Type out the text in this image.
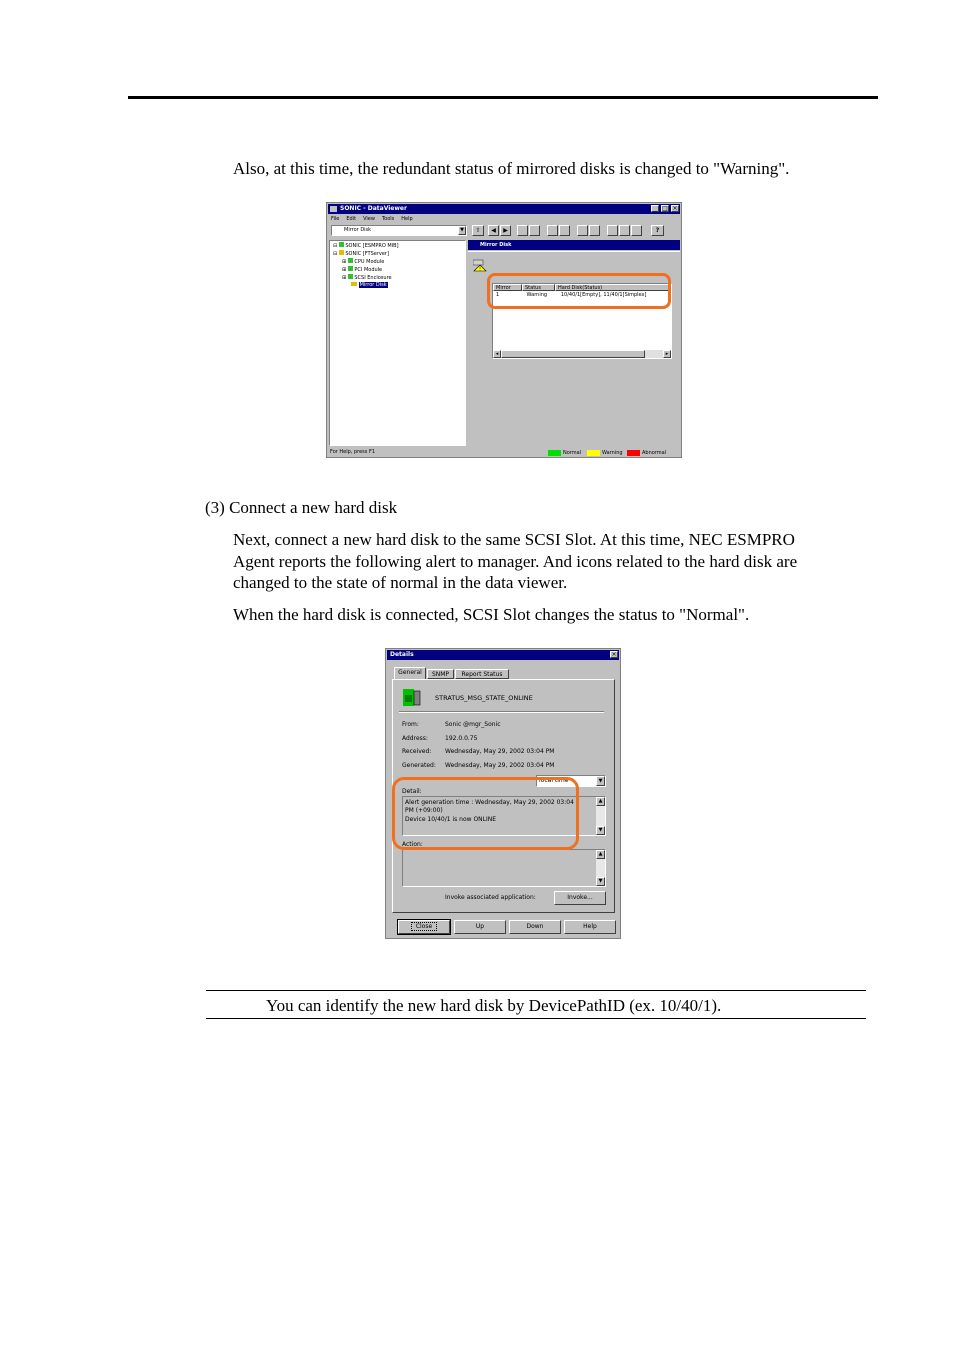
Also, at this time, the redundant status of mirrored disks is changed to "Warning".
SONIC - DataViewer	_ □ ×
File Edit View Tools Help
Mirror Disk	▼	⇧	◀	▶	?
⊟  SONIC [ESMPRO MIB]
⊟  SONIC [FTServer]
⊞  CPU Module
⊞  PCI Module
⊞  SCSI Enclosure
Mirror Disk
Mirror Disk
!
Mirror	Status	Hard Disk(Status)
1	Warning	10/40/1[Empty], 11/40/1[Simplex]
◂	▸
For Help, press F1	Normal	Warning	Abnormal
(3) Connect a new hard disk
Next, connect a new hard disk to the same SCSI Slot. At this time, NEC ESMPRO
Agent reports the following alert to manager. And icons related to the hard disk are
changed to the state of normal in the data viewer.
When the hard disk is connected, SCSI Slot changes the status to "Normal".
Details	×
General	SNMP	Report Status
STRATUS_MSG_STATE_ONLINE
From:	Sonic @mgr_Sonic
Address:	192.0.0.75
Received: Wednesday, May 29, 2002 03:04 PM
Generated: Wednesday, May 29, 2002 03:04 PM
local time	▼
Detail:
Alert generation time : Wednesday, May 29, 2002 03:04
PM (+09:00)
Device 10/40/1 is now ONLINE
▲
▼
Action:
▲
▼
Invoke associated application:	Invoke...
Close	Up	Down	Help
You can identify the new hard disk by DevicePathID (ex. 10/40/1).
